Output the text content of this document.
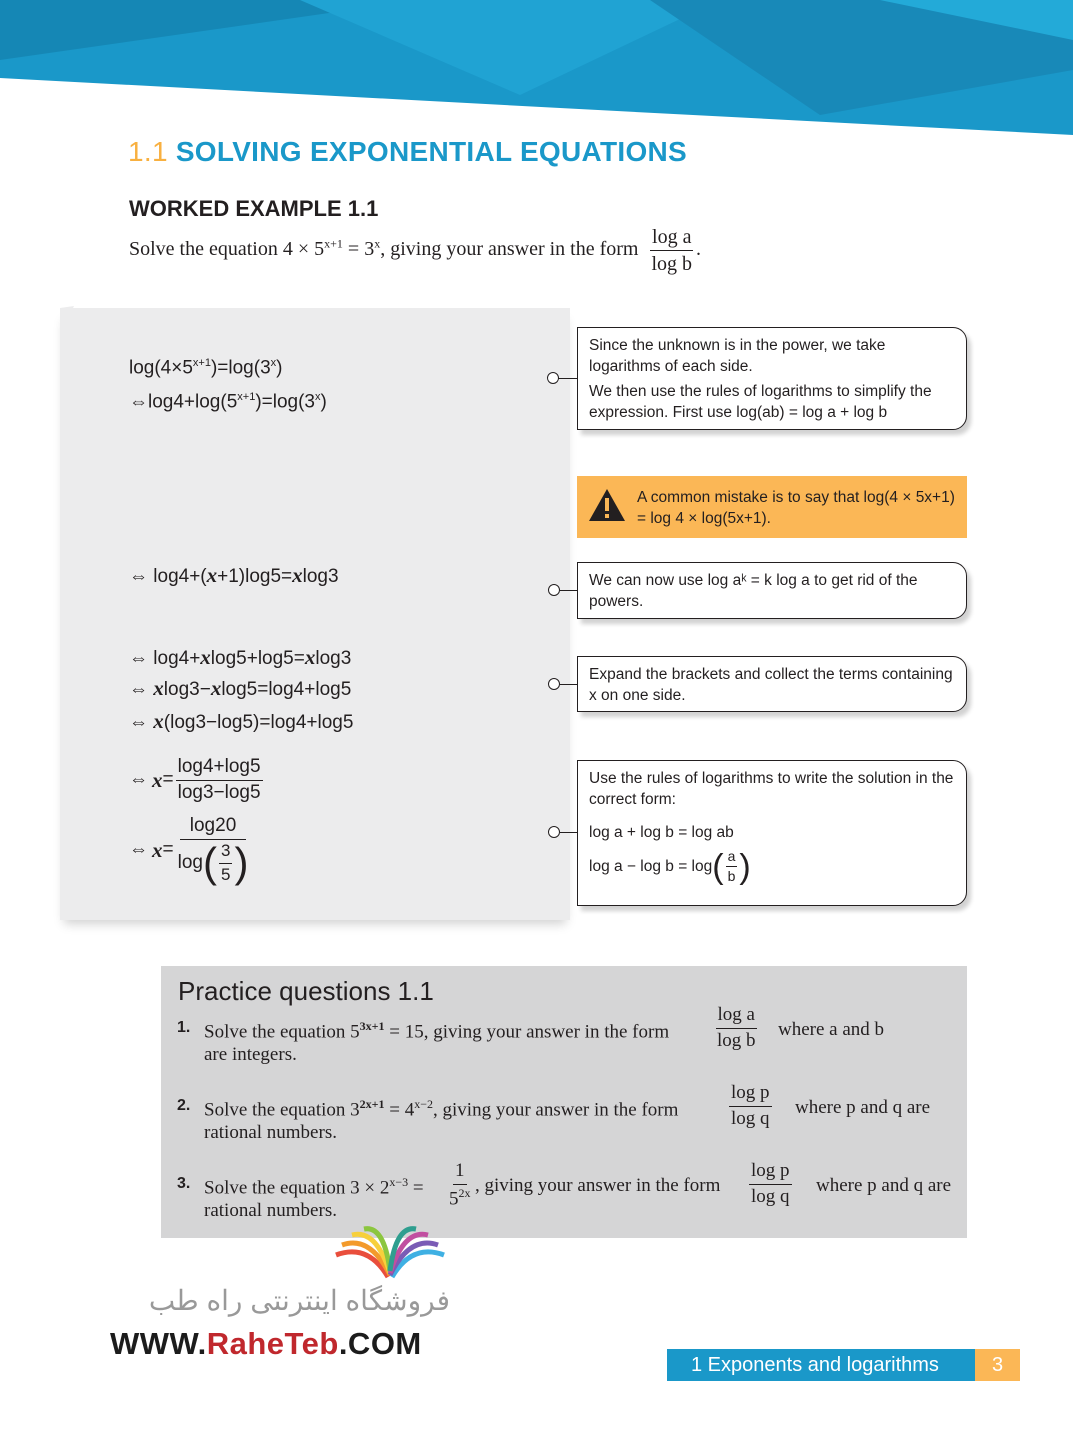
1.1 SOLVING EXPONENTIAL EQUATIONS
WORKED EXAMPLE 1.1
Solve the equation $4 \times 5^{x+1} = 3^x$, giving your answer in the form $\frac{\text{log a}}{\text{log b}}$ .
$\log(4\times 5^{x+1})=\log(3^x)$
$\Leftrightarrow\log 4+\log(5^{x+1})=\log(3^x)$
⇔ log4+(x+1)log5=xlog3
⇔ log4+xlog5+log5=xlog3
⇔ xlog3−xlog5=log4+log5
⇔ x(log3−log5)=log4+log5
⇔ $x = \frac{\log 4+\log 5}{\log 3-\log 5}$
⇔ $x = \frac{\log 20}{\log ( \frac{3}{5} )}$

Since the unknown is in the power, we take logarithms of each side.

We then use the rules of logarithms to simplify the expression. First use log(ab) = log a + log b

A common mistake is to say that log(4 × 5x+1) = log 4 × log(5x+1).

We can now use log aᵏ = k log a to get rid of the powers.

Expand the brackets and collect the terms containing x on one side.

Use the rules of logarithms to write the solution in the correct form:

log a + log b = log ab

log a − log b = log ( $\frac{a}{b}$ )

Practice questions 1.1
1. Solve the equation $5^{3x+1} = 15$, giving your answer in the form $\frac{\text{log a}}{\text{log b}}$ where a and b
are integers.
2. Solve the equation $3^{2x+1} = 4^{x-2}$, giving your answer in the form	$\frac{\text{log p}}{\text{log q}}$ where p and q are
rational numbers.
3. Solve the equation $3 \times 2^{x-3} = \frac{1}{5^{2x}}$ , giving your answer in the form $\frac{\text{log p}}{\text{log q}}$ where p and q are
rational numbers.
فروشگاه اینترنتی راه طب
WWW.RaheTeb.COM
1 Exponents and logarithms	3
